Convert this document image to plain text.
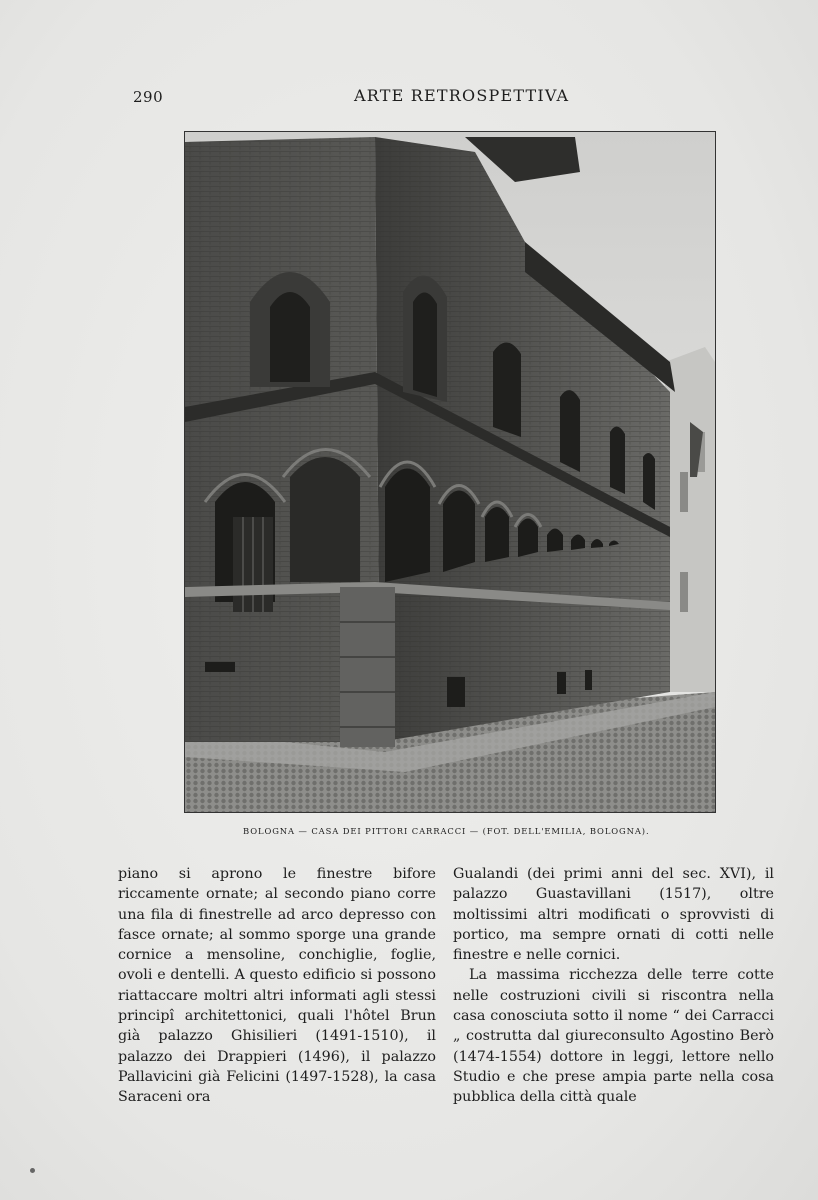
290	ARTE RETROSPETTIVA
BOLOGNA — CASA DEI PITTORI CARRACCI — (FOT. DELL'EMILIA, BOLOGNA).

piano si aprono le finestre bifore riccamente ornate; al secondo piano corre una fila di finestrelle ad arco depresso con fasce ornate; al sommo sporge una grande cornice a mensoline, conchiglie, foglie, ovoli e dentelli. A questo edificio si possono riattaccare moltri altri informati agli stessi principî architettonici, quali l'hôtel Brun già palazzo Ghisilieri (1491-1510), il palazzo dei Drappieri (1496), il palazzo Pallavicini già Felicini (1497-1528), la casa Saraceni ora

Gualandi (dei primi anni del sec. XVI), il palazzo Guastavillani (1517), oltre moltissimi altri modificati o sprovvisti di portico, ma sempre ornati di cotti nelle finestre e nelle cornici.

La massima ricchezza delle terre cotte nelle costruzioni civili si riscontra nella casa conosciuta sotto il nome “ dei Carracci „ costrutta dal giureconsulto Agostino Berò (1474-1554) dottore in leggi, lettore nello Studio e che prese ampia parte nella cosa pubblica della città quale
